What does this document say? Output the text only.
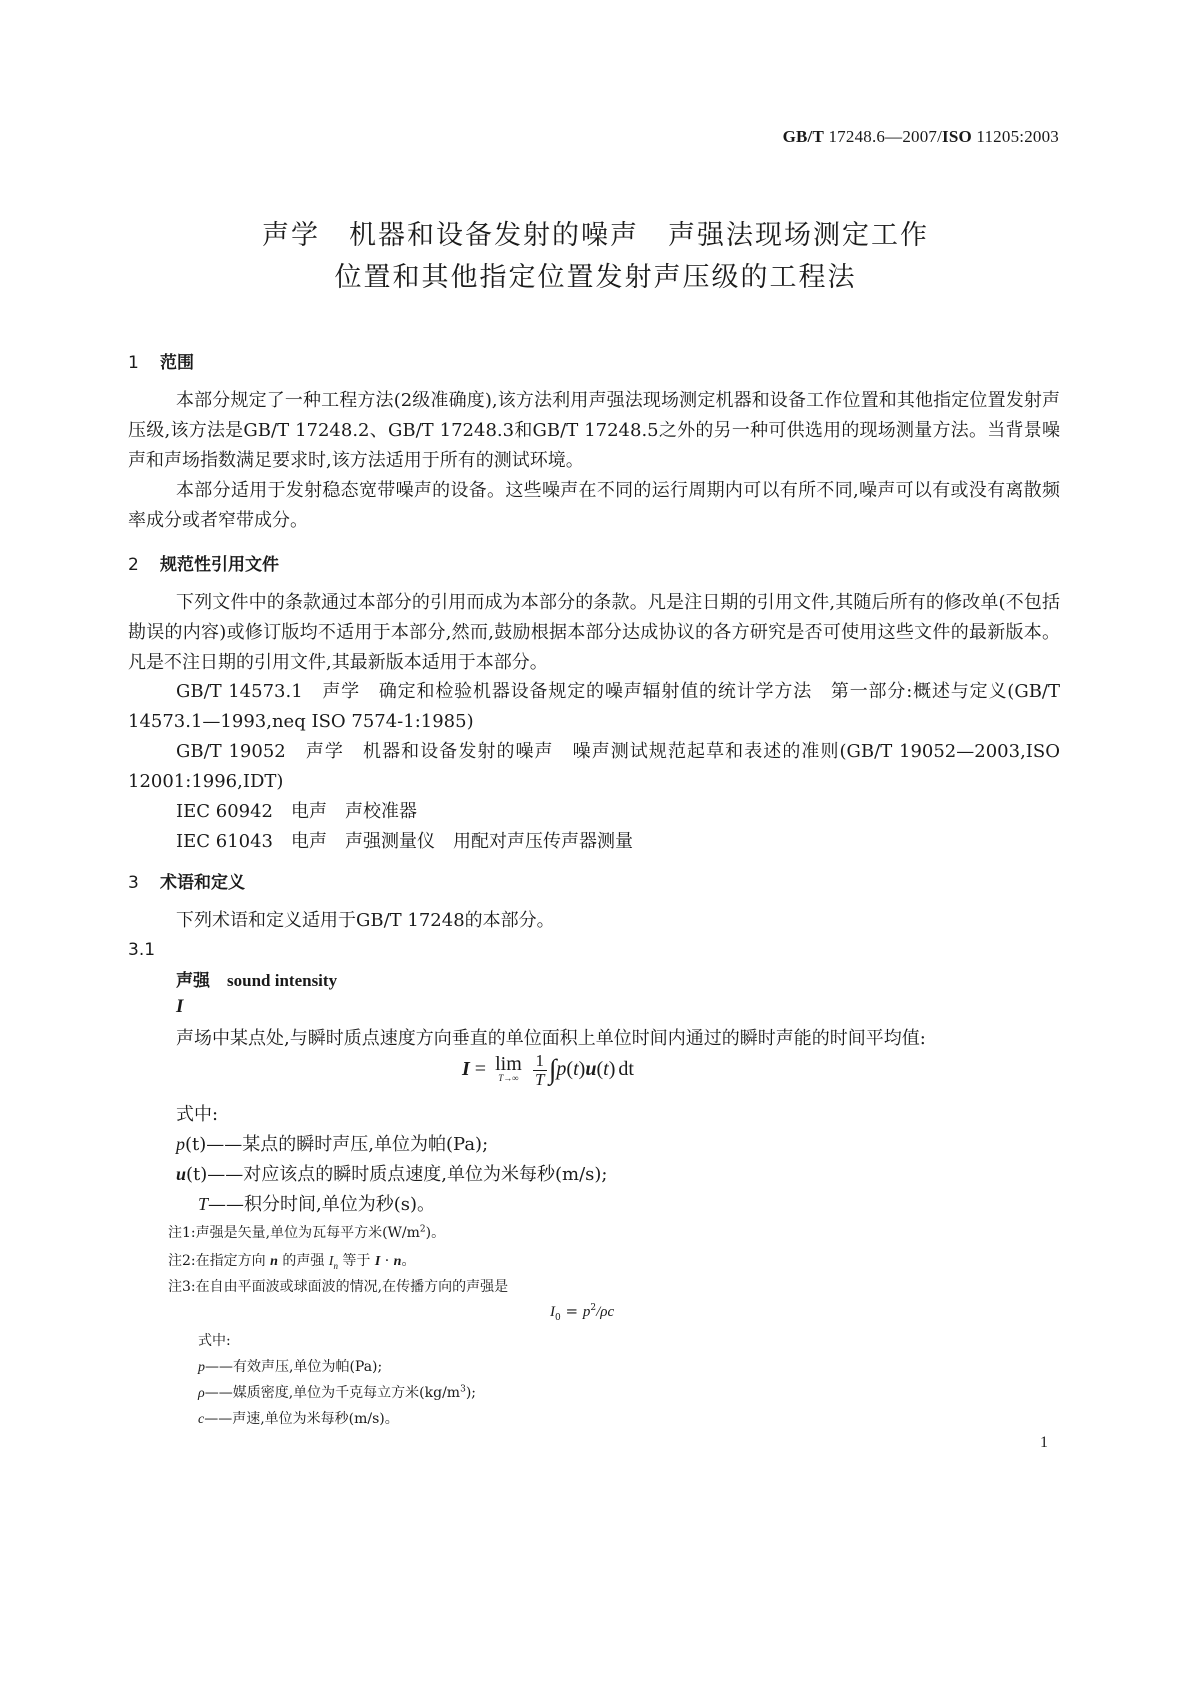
GB/T 17248.6—2007/ISO 11205:2003
声学　机器和设备发射的噪声　声强法现场测定工作
位置和其他指定位置发射声压级的工程法
1 范围
本部分规定了一种工程方法(2级准确度),该方法利用声强法现场测定机器和设备工作位置和其他指定位置发射声压级,该方法是GB/T 17248.2、GB/T 17248.3和GB/T 17248.5之外的另一种可供选用的现场测量方法。当背景噪声和声场指数满足要求时,该方法适用于所有的测试环境。
本部分适用于发射稳态宽带噪声的设备。这些噪声在不同的运行周期内可以有所不同,噪声可以有或没有离散频率成分或者窄带成分。
2 规范性引用文件
下列文件中的条款通过本部分的引用而成为本部分的条款。凡是注日期的引用文件,其随后所有的修改单(不包括勘误的内容)或修订版均不适用于本部分,然而,鼓励根据本部分达成协议的各方研究是否可使用这些文件的最新版本。凡是不注日期的引用文件,其最新版本适用于本部分。
GB/T 14573.1　声学　确定和检验机器设备规定的噪声辐射值的统计学方法　第一部分:概述与定义(GB/T 14573.1—1993,neq ISO 7574-1:1985)
GB/T 19052　声学　机器和设备发射的噪声　噪声测试规范起草和表述的准则(GB/T 19052—2003,ISO 12001:1996,IDT)
IEC 60942　电声　声校准器
IEC 61043　电声　声强测量仪　用配对声压传声器测量
3 术语和定义
下列术语和定义适用于GB/T 17248的本部分。
3.1
声强　 sound intensity
I
声场中某点处,与瞬时质点速度方向垂直的单位面积上单位时间内通过的瞬时声能的时间平均值:
I = lim
T→∞
$\frac{1}{T} \int p(t)u(t)$ dt
式中:
p(t)——某点的瞬时声压,单位为帕(Pa);
u(t)——对应该点的瞬时质点速度,单位为米每秒(m/s);
T——积分时间,单位为秒(s)。
注1:声强是矢量,单位为瓦每平方米$(W/m^2)$。
注2:在指定方向 n 的声强 $I_n$ 等于 I · n。
注3:在自由平面波或球面波的情况,在传播方向的声强是
$I_0 = p^2/\rho c$
式中:
p——有效声压,单位为帕(Pa);
ρ——媒质密度,单位为千克每立方米$(kg/m^3)$;
c——声速,单位为米每秒(m/s)。
1
